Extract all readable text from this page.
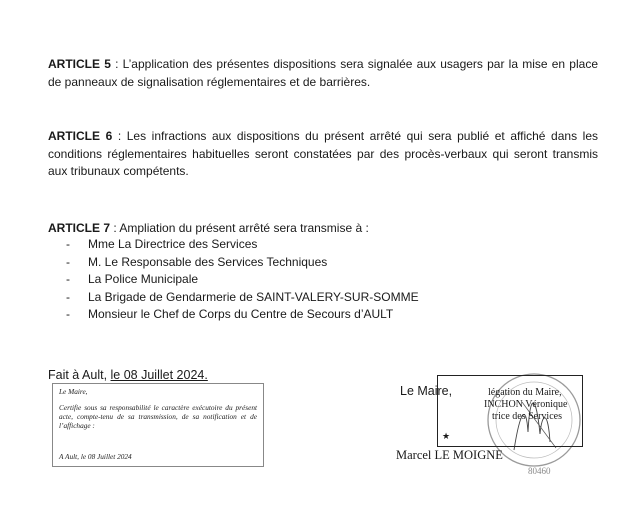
ARTICLE 5 : L’application des présentes dispositions sera signalée aux usagers par la mise en place de panneaux de signalisation réglementaires et de barrières.
ARTICLE 6 : Les infractions aux dispositions du présent arrêté qui sera publié et affiché dans les conditions réglementaires habituelles seront constatées par des procès-verbaux qui seront transmis aux tribunaux compétents.
ARTICLE 7 : Ampliation du présent arrêté sera transmise à :
- Mme La Directrice des Services
- M. Le Responsable des Services Techniques
- La Police Municipale
- La Brigade de Gendarmerie de SAINT-VALERY-SUR-SOMME
- Monsieur le Chef de Corps du Centre de Secours d’AULT
Fait à Ault, le 08 Juillet 2024.
Le Maire,
Certifie sous sa responsabilité le caractère exécutoire du présent acte, compte-tenu de sa transmission, de sa notification et de l’affichage :
A Ault, le 08 Juillet 2024
80460
Le Maire,	légation du Maire,
INCHON Véronique
trice des Services
★
Marcel LE MOIGNE
